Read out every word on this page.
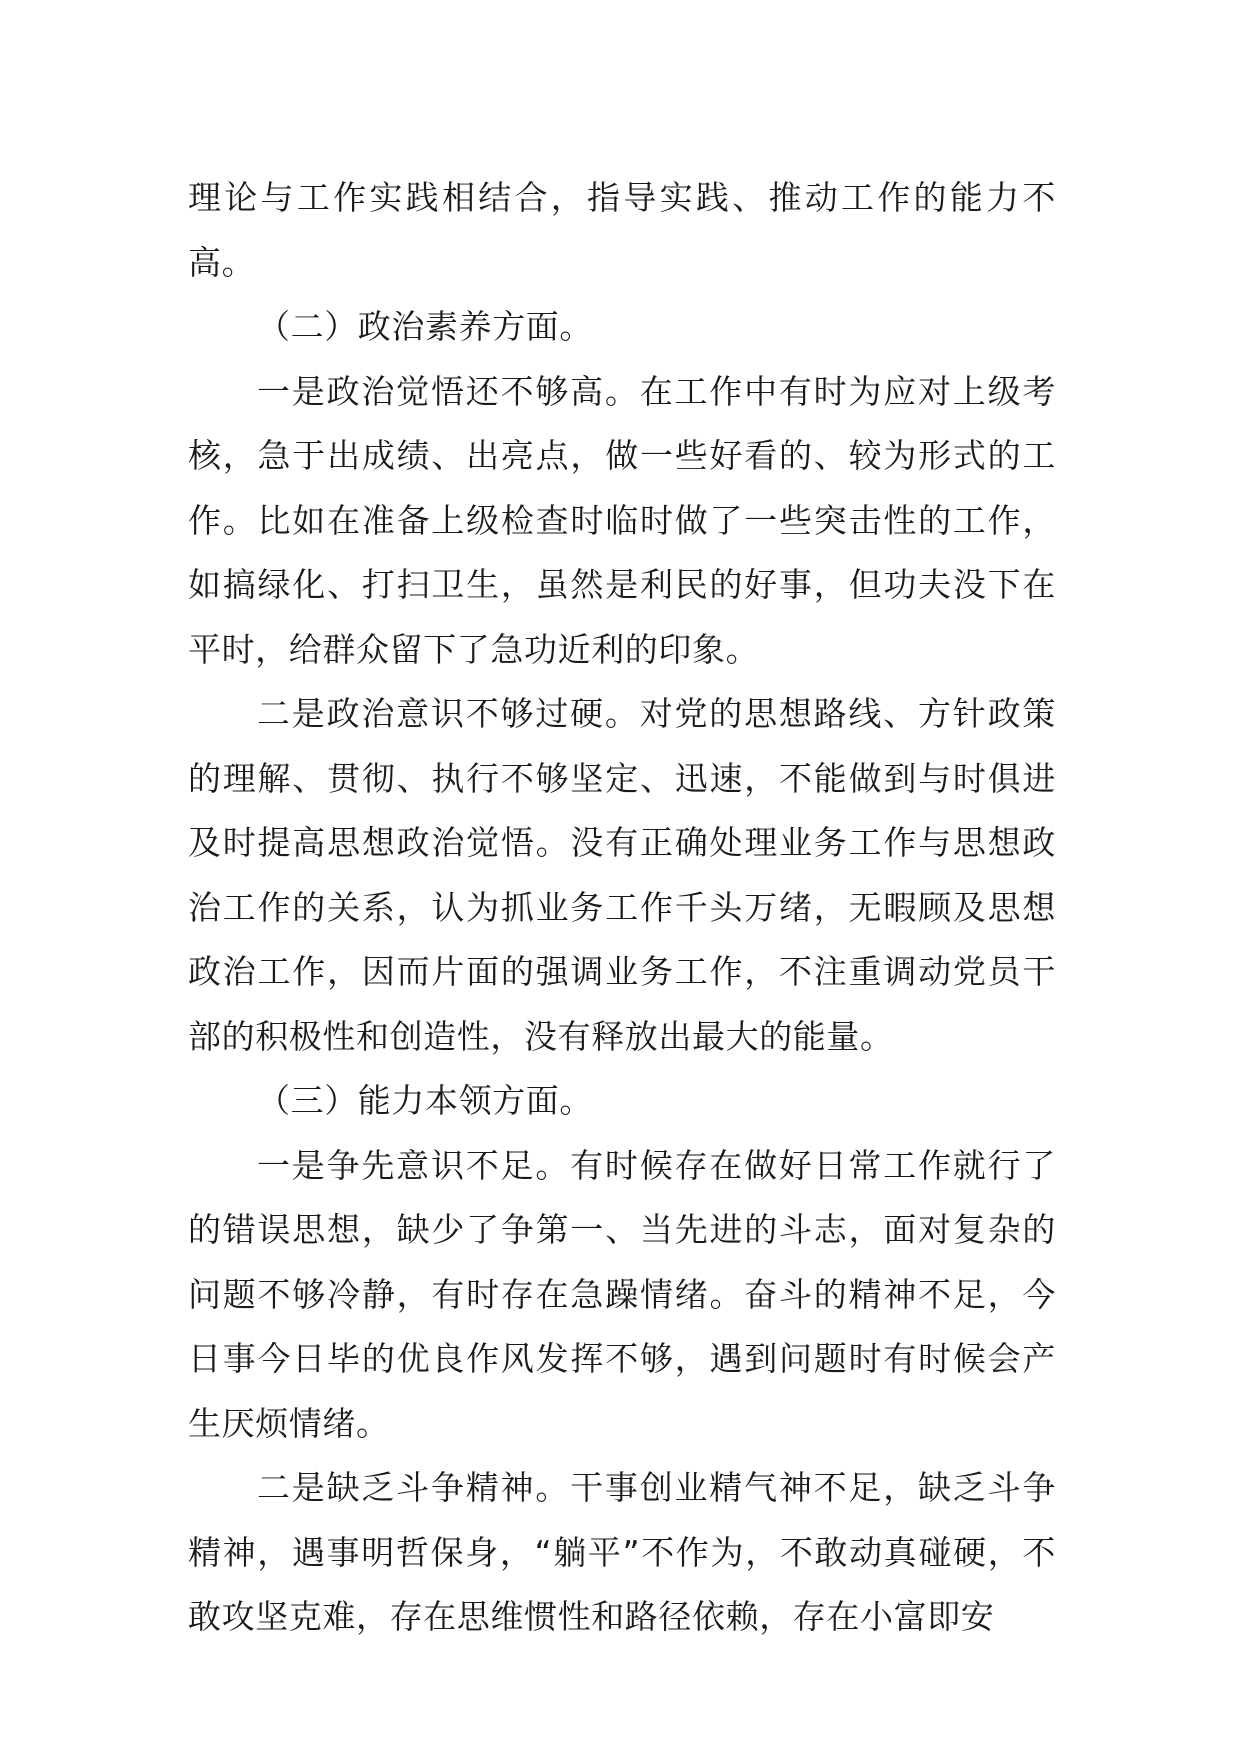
理论与工作实践相结合，指导实践、推动工作的能力不高。

（二）政治素养方面。

一是政治觉悟还不够高。在工作中有时为应对上级考核，急于出成绩、出亮点，做一些好看的、较为形式的工作。比如在准备上级检查时临时做了一些突击性的工作，如搞绿化、打扫卫生，虽然是利民的好事，但功夫没下在平时，给群众留下了急功近利的印象。

二是政治意识不够过硬。对党的思想路线、方针政策的理解、贯彻、执行不够坚定、迅速，不能做到与时俱进及时提高思想政治觉悟。没有正确处理业务工作与思想政治工作的关系，认为抓业务工作千头万绪，无暇顾及思想政治工作，因而片面的强调业务工作，不注重调动党员干部的积极性和创造性，没有释放出最大的能量。

（三）能力本领方面。

一是争先意识不足。有时候存在做好日常工作就行了的错误思想，缺少了争第一、当先进的斗志，面对复杂的问题不够冷静，有时存在急躁情绪。奋斗的精神不足，今日事今日毕的优良作风发挥不够，遇到问题时有时候会产生厌烦情绪。

二是缺乏斗争精神。干事创业精气神不足，缺乏斗争精神，遇事明哲保身，“躺平”不作为，不敢动真碰硬，不敢攻坚克难，存在思维惯性和路径依赖，存在小富即安
